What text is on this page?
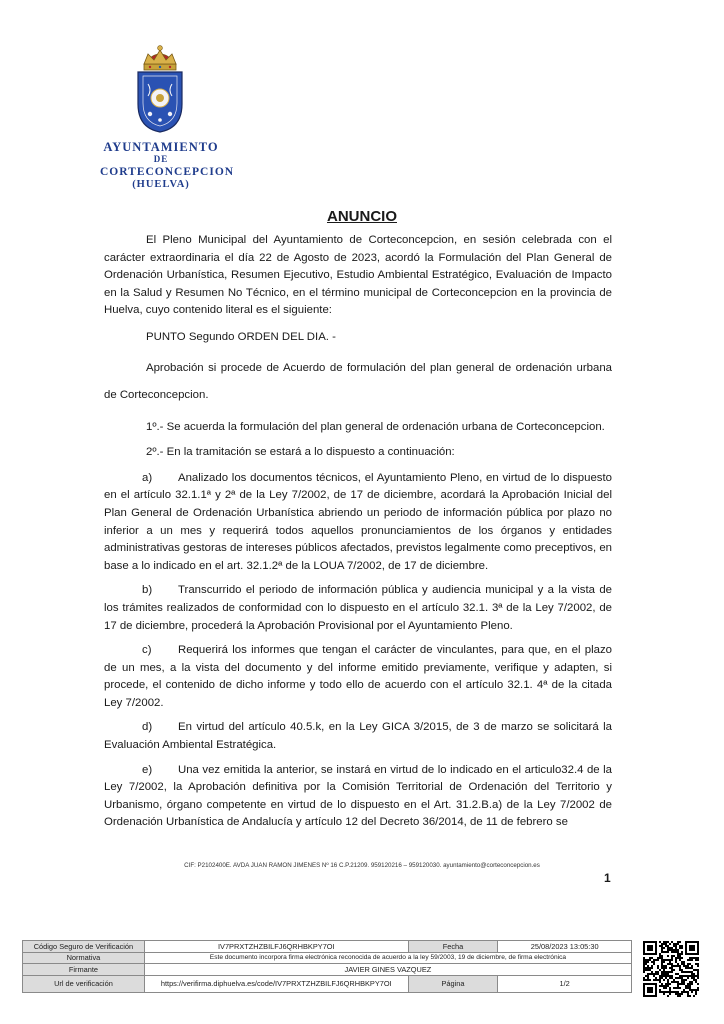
AYUNTAMIENTO
DE
CORTECONCEPCION
(HUELVA)
ANUNCIO

El Pleno Municipal del Ayuntamiento de Corteconcepcion, en sesión celebrada con el carácter extraordinaria el día 22 de Agosto de 2023, acordó la Formulación del Plan General de Ordenación Urbanística, Resumen Ejecutivo, Estudio Ambiental Estratégico, Evaluación de Impacto en la Salud y Resumen No Técnico, en el término municipal de Corteconcepcion en la provincia de Huelva, cuyo contenido literal es el siguiente:

PUNTO Segundo ORDEN DEL DIA. -

Aprobación si procede de Acuerdo de formulación del plan general de ordenación urbana de Corteconcepcion.

1º.- Se acuerda la formulación del plan general de ordenación urbana de Corteconcepcion.

2º.- En la tramitación se estará a lo dispuesto a continuación:

a) Analizado los documentos técnicos, el Ayuntamiento Pleno, en virtud de lo dispuesto en el artículo 32.1.1ª y 2ª de la Ley 7/2002, de 17 de diciembre, acordará la Aprobación Inicial del Plan General de Ordenación Urbanística abriendo un periodo de información pública por plazo no inferior a un mes y requerirá todos aquellos pronunciamientos de los órganos y entidades administrativas gestoras de intereses públicos afectados, previstos legalmente como preceptivos, en base a lo indicado en el art. 32.1.2ª de la LOUA 7/2002, de 17 de diciembre.

b) Transcurrido el periodo de información pública y audiencia municipal y a la vista de los trámites realizados de conformidad con lo dispuesto en el artículo 32.1. 3ª de la Ley 7/2002, de 17 de diciembre, procederá la Aprobación Provisional por el Ayuntamiento Pleno.

c) Requerirá los informes que tengan el carácter de vinculantes, para que, en el plazo de un mes, a la vista del documento y del informe emitido previamente, verifique y adapten, si procede, el contenido de dicho informe y todo ello de acuerdo con el artículo 32.1. 4ª de la citada Ley 7/2002.

d) En virtud del artículo 40.5.k, en la Ley GICA 3/2015, de 3 de marzo se solicitará la Evaluación Ambiental Estratégica.

e) Una vez emitida la anterior, se instará en virtud de lo indicado en el articulo32.4 de la Ley 7/2002, la Aprobación definitiva por la Comisión Territorial de Ordenación del Territorio y Urbanismo, órgano competente en virtud de lo dispuesto en el Art. 31.2.B.a) de la Ley 7/2002 de Ordenación Urbanística de Andalucía y artículo 12 del Decreto 36/2014, de 11 de febrero se

CIF: P2102400E. AVDA JUAN RAMON JIMENES Nº 16 C.P.21209. 959120216 – 959120030. ayuntamiento@corteconcepcion.es
1
Código Seguro de Verificación	IV7PRXTZHZBILFJ6QRHBKPY7OI	Fecha	25/08/2023 13:05:30
Normativa	Este documento incorpora firma electrónica reconocida de acuerdo a la ley 59/2003, 19 de diciembre, de firma electrónica		
Firmante	JAVIER GINES VAZQUEZ		
Url de verificación	https://verifirma.diphuelva.es/code/IV7PRXTZHZBILFJ6QRHBKPY7OI	Página	1/2
